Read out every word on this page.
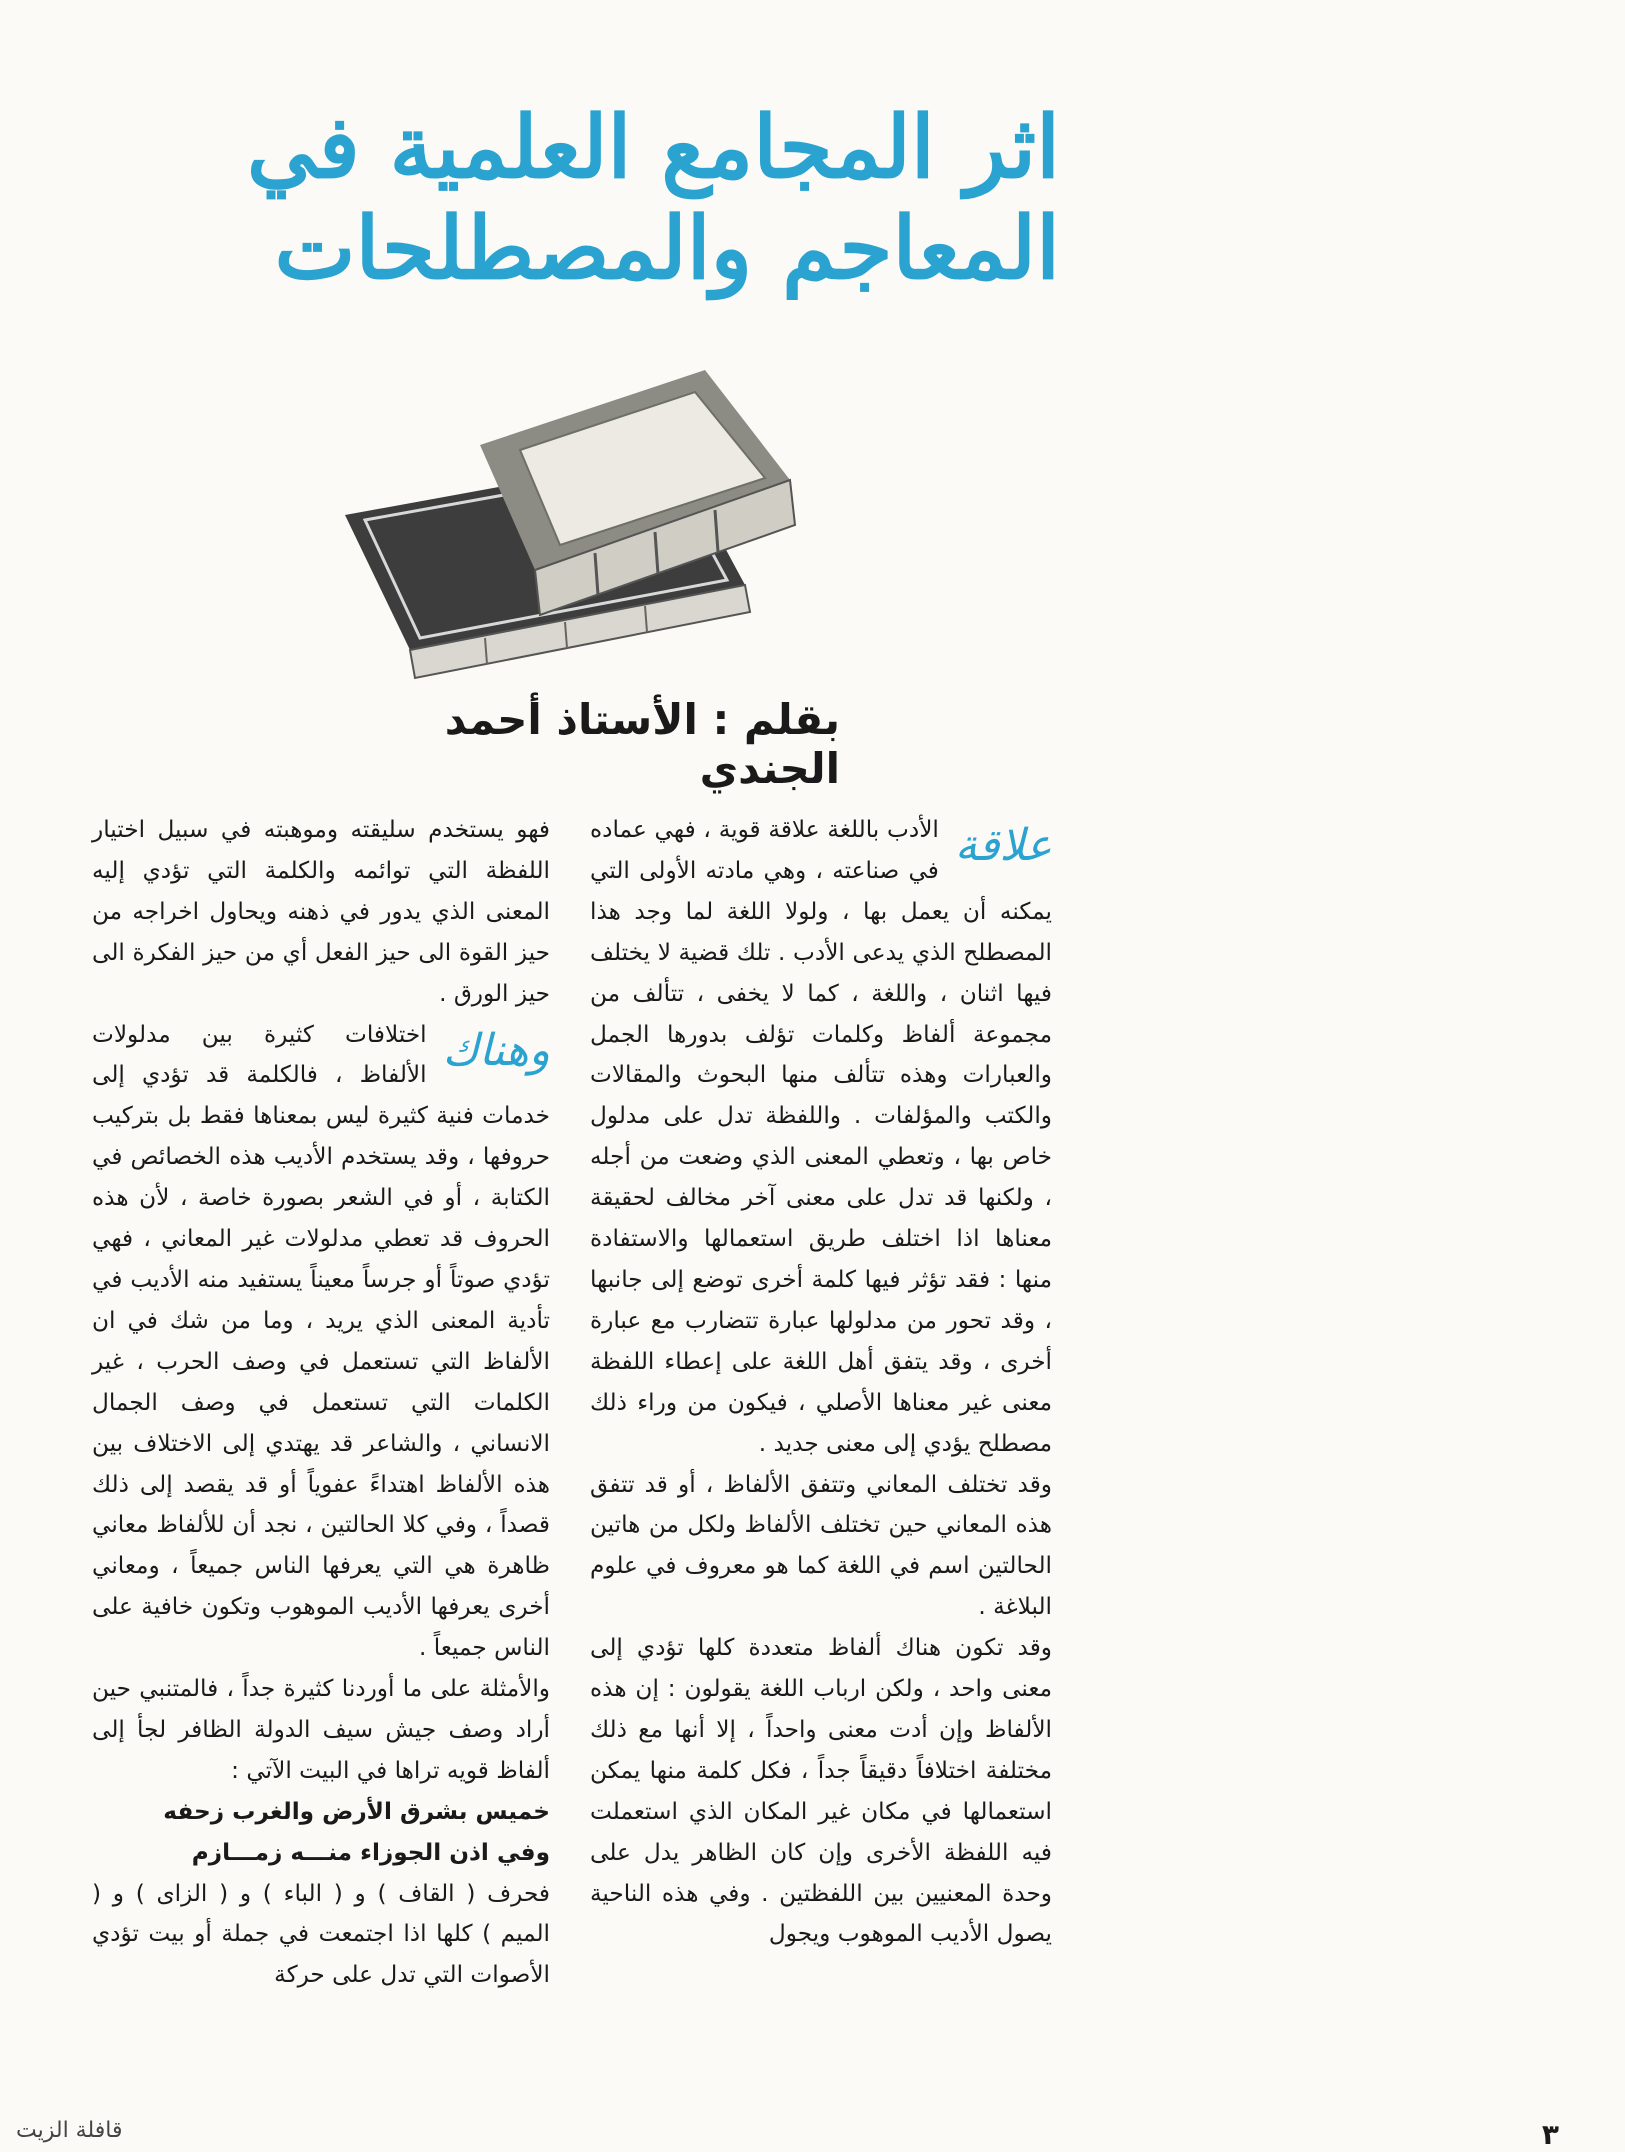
اثر المجامع العلمية في المعاجم والمصطلحات
بقلم : الأستاذ أحمد الجندي
علاقة

الأدب باللغة علاقة قوية ، فهي عماده في صناعته ، وهي مادته الأولى التي يمكنه أن يعمل بها ، ولولا اللغة لما وجد هذا المصطلح الذي يدعى الأدب . تلك قضية لا يختلف فيها اثنان ، واللغة ، كما لا يخفى ، تتألف من مجموعة ألفاظ وكلمات تؤلف بدورها الجمل والعبارات وهذه تتألف منها البحوث والمقالات والكتب والمؤلفات . واللفظة تدل على مدلول خاص بها ، وتعطي المعنى الذي وضعت من أجله ، ولكنها قد تدل على معنى آخر مخالف لحقيقة معناها اذا اختلف طريق استعمالها والاستفادة منها : فقد تؤثر فيها كلمة أخرى توضع إلى جانبها ، وقد تحور من مدلولها عبارة تتضارب مع عبارة أخرى ، وقد يتفق أهل اللغة على إعطاء اللفظة معنى غير معناها الأصلي ، فيكون من وراء ذلك مصطلح يؤدي إلى معنى جديد .

وقد تختلف المعاني وتتفق الألفاظ ، أو قد تتفق هذه المعاني حين تختلف الألفاظ ولكل من هاتين الحالتين اسم في اللغة كما هو معروف في علوم البلاغة .

وقد تكون هناك ألفاظ متعددة كلها تؤدي إلى معنى واحد ، ولكن ارباب اللغة يقولون : إن هذه الألفاظ وإن أدت معنى واحداً ، إلا أنها مع ذلك مختلفة اختلافاً دقيقاً جداً ، فكل كلمة منها يمكن استعمالها في مكان غير المكان الذي استعملت فيه اللفظة الأخرى وإن كان الظاهر يدل على وحدة المعنيين بين اللفظتين . وفي هذه الناحية يصول الأديب الموهوب ويجول

فهو يستخدم سليقته وموهبته في سبيل اختيار اللفظة التي توائمه والكلمة التي تؤدي إليه المعنى الذي يدور في ذهنه ويحاول اخراجه من حيز القوة الى حيز الفعل أي من حيز الفكرة الى حيز الورق .

وهناك

اختلافات كثيرة بين مدلولات الألفاظ ، فالكلمة قد تؤدي إلى خدمات فنية كثيرة ليس بمعناها فقط بل بتركيب حروفها ، وقد يستخدم الأديب هذه الخصائص في الكتابة ، أو في الشعر بصورة خاصة ، لأن هذه الحروف قد تعطي مدلولات غير المعاني ، فهي تؤدي صوتاً أو جرساً معيناً يستفيد منه الأديب في تأدية المعنى الذي يريد ، وما من شك في ان الألفاظ التي تستعمل في وصف الحرب ، غير الكلمات التي تستعمل في وصف الجمال الانساني ، والشاعر قد يهتدي إلى الاختلاف بين هذه الألفاظ اهتداءً عفوياً أو قد يقصد إلى ذلك قصداً ، وفي كلا الحالتين ، نجد أن للألفاظ معاني ظاهرة هي التي يعرفها الناس جميعاً ، ومعاني أخرى يعرفها الأديب الموهوب وتكون خافية على الناس جميعاً .

والأمثلة على ما أوردنا كثيرة جداً ، فالمتنبي حين أراد وصف جيش سيف الدولة الظافر لجأ إلى ألفاظ قويه تراها في البيت الآتي :

خميس بشرق الأرض والغرب زحفه

وفي اذن الجوزاء منـــه زمـــازم

فحرف ( القاف ) و ( الباء ) و ( الزاى ) و ( الميم ) كلها اذا اجتمعت في جملة أو بيت تؤدي الأصوات التي تدل على حركة

٣
قافلة الزيت
